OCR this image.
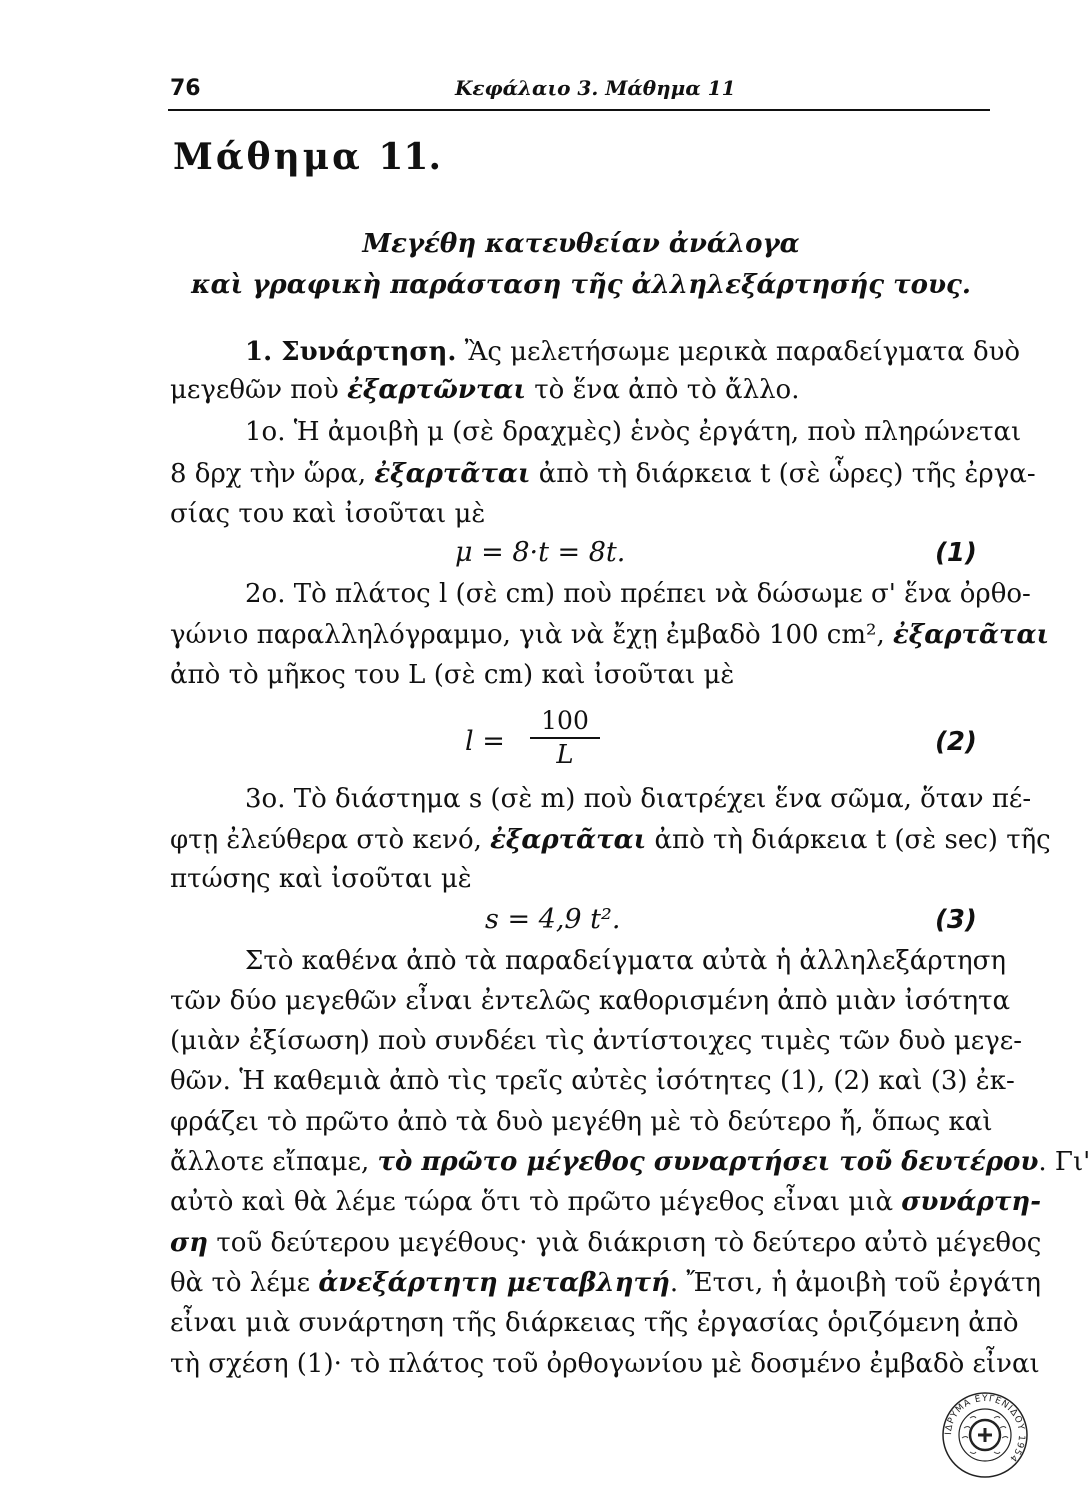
76	Κεφάλαιο 3. Μάθημα 11
Μάθημα 11.
Μεγέθη κατευθείαν ἀνάλογα
καὶ γραφικὴ παράσταση τῆς ἀλληλεξάρτησής τους.
1. Συνάρτηση. Ἂς μελετήσωμε μερικὰ παραδείγματα δυὸ
μεγεθῶν ποὺ ἐξαρτῶνται τὸ ἕνα ἀπὸ τὸ ἄλλο.
1ο. Ἡ ἀμοιβὴ μ (σὲ δραχμὲς) ἑνὸς ἐργάτη, ποὺ πληρώνεται
8 δρχ τὴν ὥρα, ἐξαρτᾶται ἀπὸ τὴ διάρκεια t (σὲ ὧρες) τῆς ἐργα-
σίας του καὶ ἰσοῦται μὲ
μ = 8·t = 8t.	(1)
2ο. Τὸ πλάτος l (σὲ cm) ποὺ πρέπει νὰ δώσωμε σ' ἕνα ὀρθο-
γώνιο παραλληλόγραμμο, γιὰ νὰ ἔχῃ ἐμβαδὸ 100 cm², ἐξαρτᾶται
ἀπὸ τὸ μῆκος του L (σὲ cm) καὶ ἰσοῦται μὲ
l =
100
L	(2)
3ο. Τὸ διάστημα s (σὲ m) ποὺ διατρέχει ἕνα σῶμα, ὅταν πέ-
φτῃ ἐλεύθερα στὸ κενό, ἐξαρτᾶται ἀπὸ τὴ διάρκεια t (σὲ sec) τῆς
πτώσης καὶ ἰσοῦται μὲ
s = 4,9 t².	(3)
Στὸ καθένα ἀπὸ τὰ παραδείγματα αὐτὰ ἡ ἀλληλεξάρτηση
τῶν δύο μεγεθῶν εἶναι ἐντελῶς καθορισμένη ἀπὸ μιὰν ἰσότητα
(μιὰν ἐξίσωση) ποὺ συνδέει τὶς ἀντίστοιχες τιμὲς τῶν δυὸ μεγε-
θῶν. Ἡ καθεμιὰ ἀπὸ τὶς τρεῖς αὐτὲς ἰσότητες (1), (2) καὶ (3) ἐκ-
φράζει τὸ πρῶτο ἀπὸ τὰ δυὸ μεγέθη μὲ τὸ δεύτερο ἤ, ὅπως καὶ
ἄλλοτε εἴπαμε, τὸ πρῶτο μέγεθος συναρτήσει τοῦ δευτέρου. Γι'
αὐτὸ καὶ θὰ λέμε τώρα ὅτι τὸ πρῶτο μέγεθος εἶναι μιὰ συνάρτη-
ση τοῦ δεύτερου μεγέθους· γιὰ διάκριση τὸ δεύτερο αὐτὸ μέγεθος
θὰ τὸ λέμε ἀνεξάρτητη μεταβλητή. Ἔτσι, ἡ ἀμοιβὴ τοῦ ἐργάτη
εἶναι μιὰ συνάρτηση τῆς διάρκειας τῆς ἐργασίας ὁριζόμενη ἀπὸ
τὴ σχέση (1)· τὸ πλάτος τοῦ ὀρθογωνίου μὲ δοσμένο ἐμβαδὸ εἶναι
ΙΔΡΥΜΑ ΕΥΓΕΝΙΔΟΥ 1954
